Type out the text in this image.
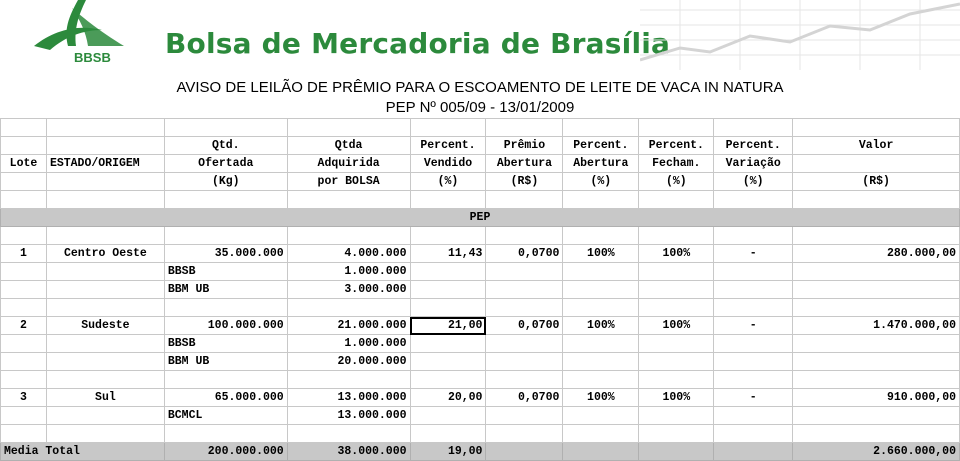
BBSB Bolsa de Mercadoria de Brasília
AVISO DE LEILÃO DE PRÊMIO PARA O ESCOAMENTO DE LEITE DE VACA IN NATURA
PEP Nº 005/09 - 13/01/2009

		Qtd.	Qtda	Percent.	Prêmio	Percent.	Percent.	Percent.	Valor
Lote	ESTADO/ORIGEM	Ofertada	Adquirida	Vendido	Abertura	Abertura	Fecham.	Variação	
		(Kg)	por BOLSA	(%)	(R$)	(%)	(%)	(%)	(R$)

PEP									

1	Centro Oeste	35.000.000	4.000.000	11,43	0,0700	100%	100%	-	280.000,00
		BBSB	1.000.000						
		BBM UB	3.000.000						

2	Sudeste	100.000.000	21.000.000	21,00	0,0700	100%	100%	-	1.470.000,00
		BBSB	1.000.000						
		BBM UB	20.000.000						

3	Sul	65.000.000	13.000.000	20,00	0,0700	100%	100%	-	910.000,00
		BCMCL	13.000.000						

Media Total		200.000.000	38.000.000	19,00					2.660.000,00
